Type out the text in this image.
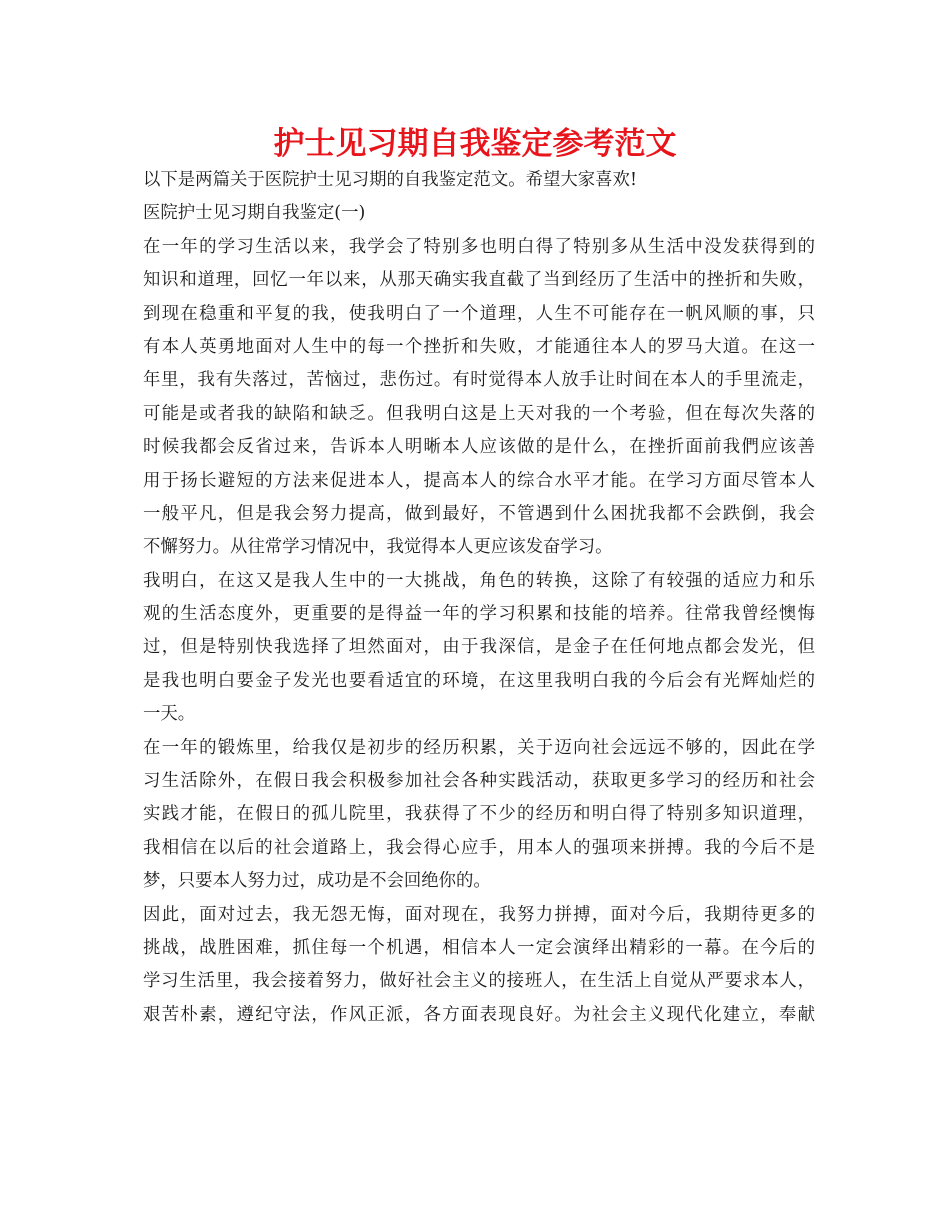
护士见习期自我鉴定参考范文
以下是两篇关于医院护士见习期的自我鉴定范文。希望大家喜欢!
医院护士见习期自我鉴定(一)
在一年的学习生活以来，我学会了特别多也明白得了特别多从生活中没发获得到的
知识和道理，回忆一年以来，从那天确实我直截了当到经历了生活中的挫折和失败，
到现在稳重和平复的我，使我明白了一个道理，人生不可能存在一帆风顺的事，只
有本人英勇地面对人生中的每一个挫折和失败，才能通往本人的罗马大道。在这一
年里，我有失落过，苦恼过，悲伤过。有时觉得本人放手让时间在本人的手里流走，
可能是或者我的缺陷和缺乏。但我明白这是上天对我的一个考验，但在每次失落的
时候我都会反省过来，告诉本人明晰本人应该做的是什么，在挫折面前我們应该善
用于扬长避短的方法来促进本人，提高本人的综合水平才能。在学习方面尽管本人
一般平凡，但是我会努力提高，做到最好，不管遇到什么困扰我都不会跌倒，我会
不懈努力。从往常学习情况中，我觉得本人更应该发奋学习。
我明白，在这又是我人生中的一大挑战，角色的转换，这除了有较强的适应力和乐
观的生活态度外，更重要的是得益一年的学习积累和技能的培养。往常我曾经懊悔
过，但是特别快我选择了坦然面对，由于我深信，是金子在任何地点都会发光，但
是我也明白要金子发光也要看适宜的环境，在这里我明白我的今后会有光辉灿烂的
一天。
在一年的锻炼里，给我仅是初步的经历积累，关于迈向社会远远不够的，因此在学
习生活除外，在假日我会积极参加社会各种实践活动，获取更多学习的经历和社会
实践才能，在假日的孤儿院里，我获得了不少的经历和明白得了特别多知识道理，
我相信在以后的社会道路上，我会得心应手，用本人的强项来拼搏。我的今后不是
梦，只要本人努力过，成功是不会回绝你的。
因此，面对过去，我无怨无悔，面对现在，我努力拼搏，面对今后，我期待更多的
挑战，战胜困难，抓住每一个机遇，相信本人一定会演绎出精彩的一幕。在今后的
学习生活里，我会接着努力，做好社会主义的接班人，在生活上自觉从严要求本人，
艰苦朴素，遵纪守法，作风正派，各方面表现良好。为社会主义现代化建立，奉献
